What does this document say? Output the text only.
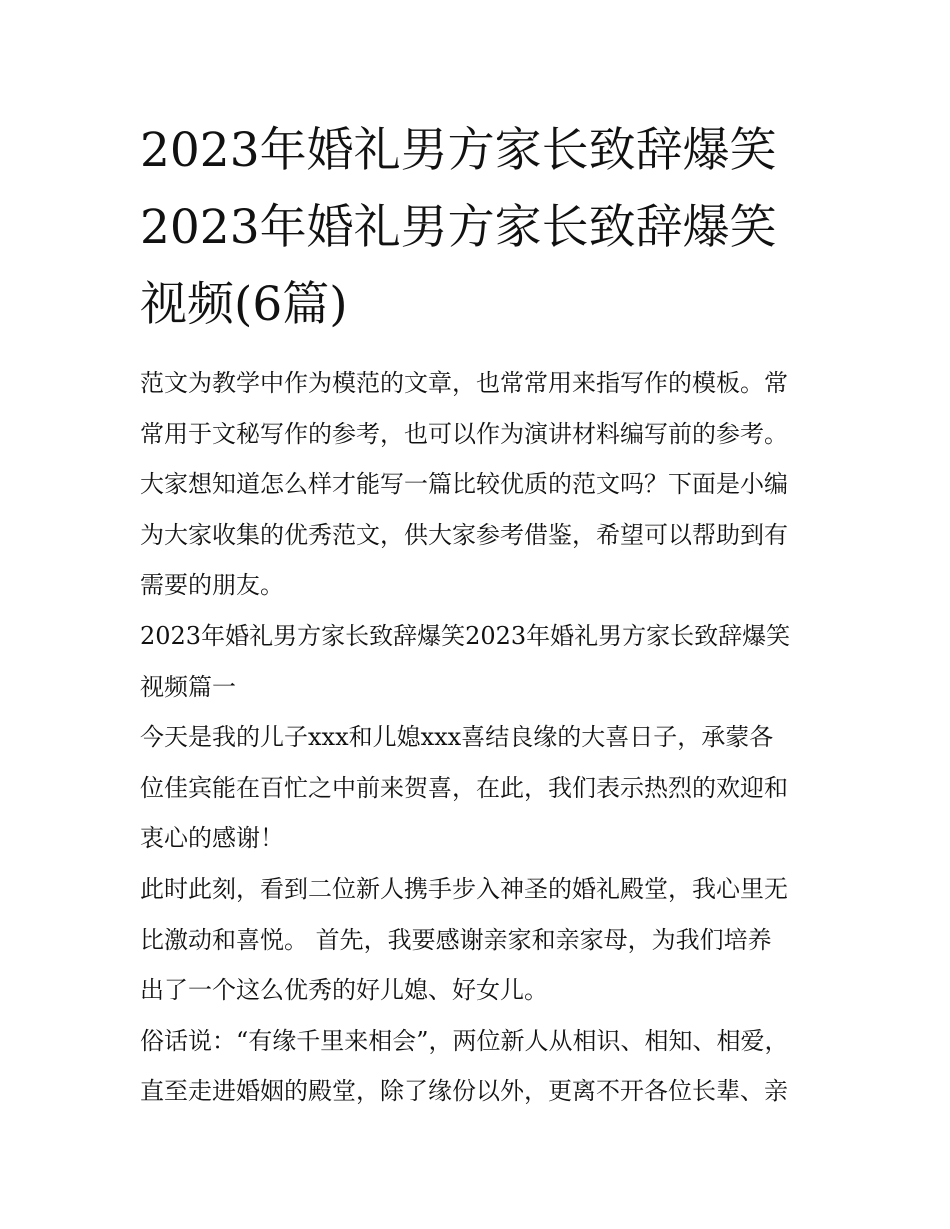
2023年婚礼男方家长致辞爆笑
2023年婚礼男方家长致辞爆笑
视频(6篇)
范文为教学中作为模范的文章，也常常用来指写作的模板。常
常用于文秘写作的参考，也可以作为演讲材料编写前的参考。
大家想知道怎么样才能写一篇比较优质的范文吗？下面是小编
为大家收集的优秀范文，供大家参考借鉴，希望可以帮助到有
需要的朋友。
2023年婚礼男方家长致辞爆笑2023年婚礼男方家长致辞爆笑
视频篇一
今天是我的儿子xxx和儿媳xxx喜结良缘的大喜日子，承蒙各
位佳宾能在百忙之中前来贺喜，在此，我们表示热烈的欢迎和
衷心的感谢！
此时此刻，看到二位新人携手步入神圣的婚礼殿堂，我心里无
比激动和喜悦。 首先，我要感谢亲家和亲家母，为我们培养
出了一个这么优秀的好儿媳、好女儿。
俗话说：“有缘千里来相会”，两位新人从相识、相知、相爱，
直至走进婚姻的殿堂，除了缘份以外，更离不开各位长辈、亲
